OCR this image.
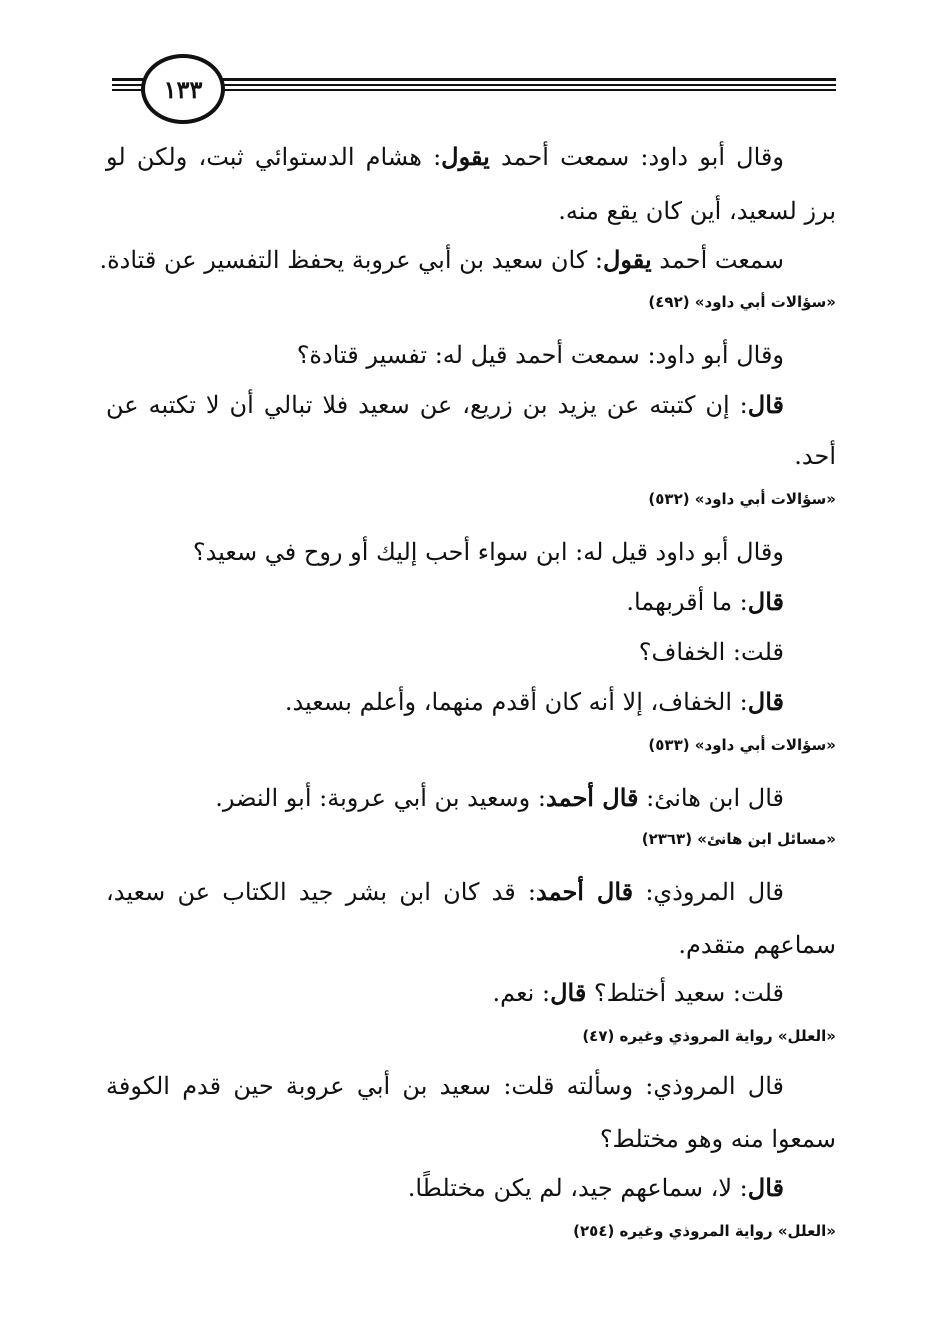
١٣٣
وقال أبو داود: سمعت أحمد يقول: هشام الدستوائي ثبت، ولكن لو
برز لسعيد، أين كان يقع منه.
سمعت أحمد يقول: كان سعيد بن أبي عروبة يحفظ التفسير عن قتادة.
«سؤالات أبي داود» (٤٩٢)
وقال أبو داود: سمعت أحمد قيل له: تفسير قتادة؟
قال: إن كتبته عن يزيد بن زريع، عن سعيد فلا تبالي أن لا تكتبه عن
أحد.
«سؤالات أبي داود» (٥٣٢)
وقال أبو داود قيل له: ابن سواء أحب إليك أو روح في سعيد؟
قال: ما أقربهما.
قلت: الخفاف؟
قال: الخفاف، إلا أنه كان أقدم منهما، وأعلم بسعيد.
«سؤالات أبي داود» (٥٣٣)
قال ابن هانئ: قال أحمد: وسعيد بن أبي عروبة: أبو النضر.
«مسائل ابن هانئ» (٢٣٦٣)
قال المروذي: قال أحمد: قد كان ابن بشر جيد الكتاب عن سعيد،
سماعهم متقدم.
قلت: سعيد أختلط؟ قال: نعم.
«العلل» رواية المروذي وغيره (٤٧)
قال المروذي: وسألته قلت: سعيد بن أبي عروبة حين قدم الكوفة
سمعوا منه وهو مختلط؟
قال: لا، سماعهم جيد، لم يكن مختلطًا.
«العلل» رواية المروذي وغيره (٢٥٤)
